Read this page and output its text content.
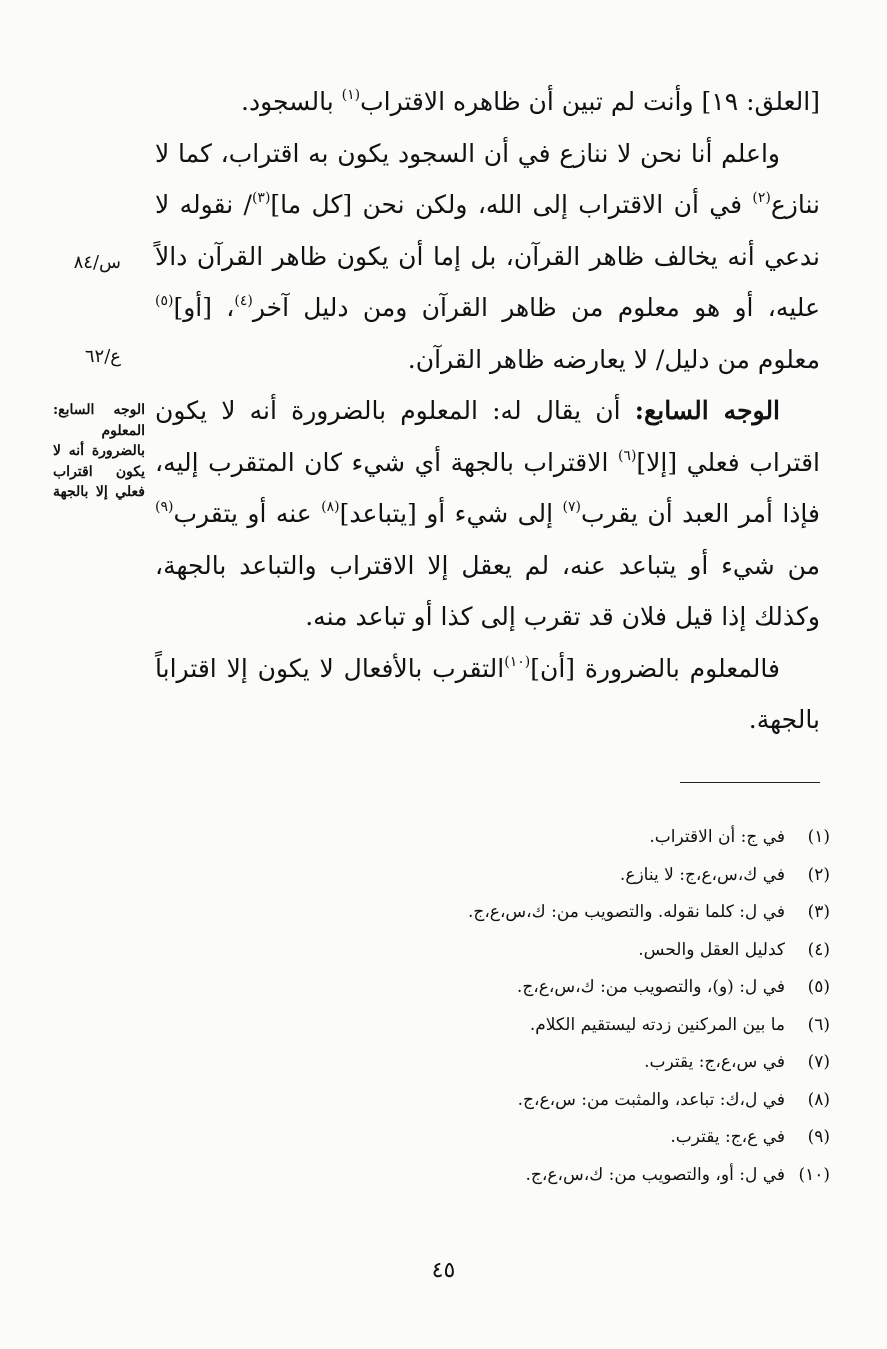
[العلق: ١٩] وأنت لم تبين أن ظاهره الاقتراب$^{(١)}$ بالسجود.

واعلم أنا نحن لا ننازع في أن السجود يكون به اقتراب، كما لا ننازع$^{(٢)}$ في أن الاقتراب إلى الله، ولكن نحن [كل ما]$^{(٣)}$/ نقوله لا ندعي أنه يخالف ظاهر القرآن، بل إما أن يكون ظاهر القرآن دالاً عليه، أو هو معلوم من ظاهر القرآن ومن دليل آخر$^{(٤)}$، [أو]$^{(٥)}$ معلوم من دليل/ لا يعارضه ظاهر القرآن.

الوجه السابع: أن يقال له: المعلوم بالضرورة أنه لا يكون اقتراب فعلي [إلا]$^{(٦)}$ الاقتراب بالجهة أي شيء كان المتقرب إليه، فإذا أمر العبد أن يقرب$^{(٧)}$ إلى شيء أو [يتباعد]$^{(٨)}$ عنه أو يتقرب$^{(٩)}$ من شيء أو يتباعد عنه، لم يعقل إلا الاقتراب والتباعد بالجهة، وكذلك إذا قيل فلان قد تقرب إلى كذا أو تباعد منه.

فالمعلوم بالضرورة [أن]$^{(١٠)}$التقرب بالأفعال لا يكون إلا اقتراباً بالجهة.

س/٨٤
ع/٦٢
الوجه السابع: المعلوم بالضرورة أنه لا يكون اقتراب فعلي إلا بالجهة
(١)
في ج: أن الاقتراب.
(٢)
في ك،س،ع،ج: لا ينازع.
(٣)
في ل: كلما نقوله. والتصويب من: ك،س،ع،ج.
(٤)
كدليل العقل والحس.
(٥)
في ل: (و)، والتصويب من: ك،س،ع،ج.
(٦)
ما بين المركنين زدته ليستقيم الكلام.
(٧)
في س،ع،ج: يقترب.
(٨)
في ل،ك: تباعد، والمثبت من: س،ع،ج.
(٩)
في ع،ج: يقترب.
(١٠)
في ل: أو، والتصويب من: ك،س،ع،ج.
٤٥
